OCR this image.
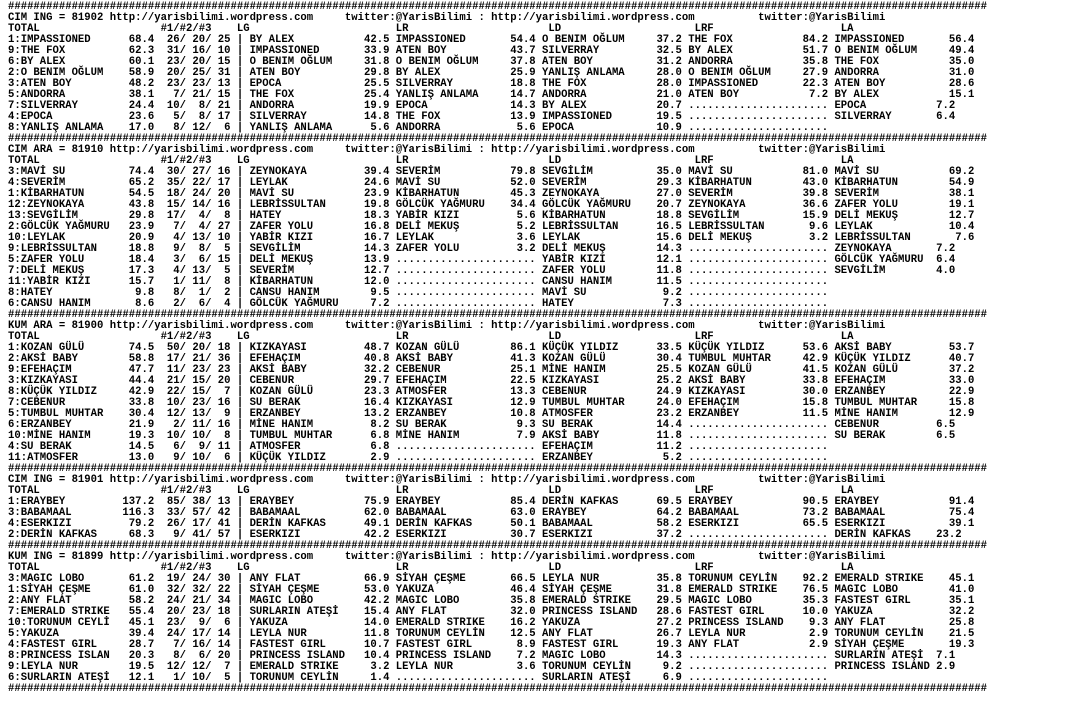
##########################################################################################################################################################
CIM ING = 81902 http://yarisbilimi.wordpress.com     twitter:@YarisBilimi : http://yarisbilimi.wordpress.com          twitter:@YarisBilimi
TOTAL                   #1/#2/#3    LG                       LR                      LD                     LRF                    LA
1:IMPASSIONED      68.4  26/ 20/ 25 | BY ALEX           42.5 IMPASSIONED       54.4 O BENIM OĞLUM     37.2 THE FOX           84.2 IMPASSIONED       56.4
9:THE FOX          62.3  31/ 16/ 10 | IMPASSIONED       33.9 ATEN BOY          43.7 SILVERRAY         32.5 BY ALEX           51.7 O BENIM OĞLUM     49.4
6:BY ALEX          60.1  23/ 20/ 15 | O BENIM OĞLUM     31.8 O BENIM OĞLUM     37.8 ATEN BOY          31.2 ANDORRA           35.8 THE FOX           35.0
2:O BENIM OĞLUM    58.9  20/ 25/ 31 | ATEN BOY          29.8 BY ALEX           25.9 YANLIŞ ANLAMA     28.0 O BENIM OĞLUM     27.9 ANDORRA           31.0
3:ATEN BOY         48.2  23/ 23/ 13 | EPOCA             25.5 SILVERRAY         18.8 THE FOX           28.0 IMPASSIONED       22.3 ATEN BOY          28.6
5:ANDORRA          38.1   7/ 21/ 15 | THE FOX           25.4 YANLIŞ ANLAMA     14.7 ANDORRA           21.0 ATEN BOY           7.2 BY ALEX           15.1
7:SILVERRAY        24.4  10/  8/ 21 | ANDORRA           19.9 EPOCA             14.3 BY ALEX           20.7 ...................... EPOCA           7.2
4:EPOCA            23.6   5/  8/ 17 | SILVERRAY         14.8 THE FOX           13.9 IMPASSIONED       19.5 ...................... SILVERRAY       6.4
8:YANLIŞ ANLAMA    17.0   8/ 12/  6 | YANLIŞ ANLAMA      5.6 ANDORRA            5.6 EPOCA             10.9 ......................
##########################################################################################################################################################
CIM ARA = 81910 http://yarisbilimi.wordpress.com     twitter:@YarisBilimi : http://yarisbilimi.wordpress.com          twitter:@YarisBilimi
TOTAL                   #1/#2/#3    LG                       LR                      LD                     LRF                    LA
3:MAVİ SU          74.4  30/ 27/ 16 | ZEYNOKAYA         39.4 SEVERİM           79.8 SEVGİLİM          35.0 MAVİ SU           81.0 MAVİ SU           69.2
4:SEVERİM          65.2  35/ 22/ 17 | LEYLAK            24.6 MAVİ SU           52.0 SEVERİM           29.3 KİBARHATUN        43.0 KİBARHATUN        54.9
1:KİBARHATUN       54.5  18/ 24/ 20 | MAVİ SU           23.9 KİBARHATUN        45.3 ZEYNOKAYA         27.0 SEVERİM           39.8 SEVERİM           38.1
12:ZEYNOKAYA       43.8  15/ 14/ 16 | LEBRİSSULTAN      19.8 GÖLCÜK YAĞMURU    34.4 GÖLCÜK YAĞMURU    20.7 ZEYNOKAYA         36.6 ZAFER YOLU        19.1
13:SEVGİLİM        29.8  17/  4/  8 | HATEY             18.3 YABİR KIZI         5.6 KİBARHATUN        18.8 SEVGİLİM          15.9 DELİ MEKUŞ        12.7
2:GÖLCÜK YAĞMURU   23.9   7/  4/ 27 | ZAFER YOLU        16.8 DELİ MEKUŞ         5.2 LEBRİSSULTAN      16.5 LEBRİSSULTAN       9.6 LEYLAK            10.4
10:LEYLAK          20.9   4/ 13/ 10 | YABİR KIZI        16.7 LEYLAK             3.6 LEYLAK            15.6 DELİ MEKUŞ         3.2 LEBRİSSULTAN       7.6
9:LEBRİSSULTAN     18.8   9/  8/  5 | SEVGİLİM          14.3 ZAFER YOLU         3.2 DELİ MEKUŞ        14.3 ...................... ZEYNOKAYA       7.2
5:ZAFER YOLU       18.4   3/  6/ 15 | DELİ MEKUŞ        13.9 ...................... YABİR KIZI        12.1 ...................... GÖLCÜK YAĞMURU  6.4
7:DELİ MEKUŞ       17.3   4/ 13/  5 | SEVERİM           12.7 ...................... ZAFER YOLU        11.8 ...................... SEVGİLİM        4.0
11:YABİR KIZI      15.7   1/ 11/  8 | KİBARHATUN        12.0 ...................... CANSU HANIM       11.5 ......................
8:HATEY             9.8   8/  1/  2 | CANSU HANIM        9.5 ...................... MAVİ SU            9.2 ......................
6:CANSU HANIM       8.6   2/  6/  4 | GÖLCÜK YAĞMURU     7.2 ...................... HATEY              7.3 ......................
##########################################################################################################################################################
KUM ARA = 81900 http://yarisbilimi.wordpress.com     twitter:@YarisBilimi : http://yarisbilimi.wordpress.com          twitter:@YarisBilimi
TOTAL                   #1/#2/#3    LG                       LR                      LD                     LRF                    LA
1:KOZAN GÜLÜ       74.5  50/ 20/ 18 | KIZKAYASI         48.7 KOZAN GÜLÜ        86.1 KÜÇÜK YILDIZ      33.5 KÜÇÜK YILDIZ      53.6 AKSİ BABY         53.7
2:AKSİ BABY        58.8  17/ 21/ 36 | EFEHAÇIM          40.8 AKSİ BABY         41.3 KOZAN GÜLÜ        30.4 TUMBUL MUHTAR     42.9 KÜÇÜK YILDIZ      40.7
9:EFEHAÇIM         47.7  11/ 23/ 23 | AKSİ BABY         32.2 CEBENUR           25.1 MİNE HANIM        25.5 KOZAN GÜLÜ        41.5 KOZAN GÜLÜ        37.2
3:KIZKAYASI        44.4  21/ 15/ 20 | CEBENUR           29.7 EFEHAÇIM          22.5 KIZKAYASI         25.2 AKSİ BABY         33.8 EFEHAÇIM          33.0
8:KÜÇÜK YILDIZ     42.9  22/ 15/  7 | KOZAN GÜLÜ        23.3 ATMOSFER          13.3 CEBENUR           24.9 KIZKAYASI         30.0 ERZANBEY          22.9
7:CEBENUR          33.8  10/ 23/ 16 | SU BERAK          16.4 KIZKAYASI         12.9 TUMBUL MUHTAR     24.0 EFEHAÇIM          15.8 TUMBUL MUHTAR     15.8
5:TUMBUL MUHTAR    30.4  12/ 13/  9 | ERZANBEY          13.2 ERZANBEY          10.8 ATMOSFER          23.2 ERZANBEY          11.5 MİNE HANIM        12.9
6:ERZANBEY         21.9   2/ 11/ 16 | MİNE HANIM         8.2 SU BERAK           9.3 SU BERAK          14.4 ...................... CEBENUR         6.5
10:MİNE HANIM      19.3  10/ 10/  8 | TUMBUL MUHTAR      6.8 MİNE HANIM         7.9 AKSİ BABY         11.8 ...................... SU BERAK        6.5
4:SU BERAK         14.5   6/  9/ 11 | ATMOSFER           6.8 ...................... EFEHAÇIM          11.2 ......................
11:ATMOSFER        13.0   9/ 10/  6 | KÜÇÜK YILDIZ       2.9 ...................... ERZANBEY           5.2 ......................
##########################################################################################################################################################
CIM ING = 81901 http://yarisbilimi.wordpress.com     twitter:@YarisBilimi : http://yarisbilimi.wordpress.com          twitter:@YarisBilimi
TOTAL                   #1/#2/#3    LG                       LR                      LD                     LRF                    LA
1:ERAYBEY         137.2  85/ 38/ 13 | ERAYBEY           75.9 ERAYBEY           85.4 DERİN KAFKAS      69.5 ERAYBEY           90.5 ERAYBEY           91.4
3:BABAMAAL        116.3  33/ 57/ 42 | BABAMAAL          62.0 BABAMAAL          63.0 ERAYBEY           64.2 BABAMAAL          73.2 BABAMAAL          75.4
4:ESERKIZI         79.2  26/ 17/ 41 | DERİN KAFKAS      49.1 DERİN KAFKAS      50.1 BABAMAAL          58.2 ESERKIZI          65.5 ESERKIZI          39.1
2:DERİN KAFKAS     68.3   9/ 41/ 57 | ESERKIZI          42.2 ESERKIZI          30.7 ESERKIZI          37.2 ...................... DERİN KAFKAS    23.2
##########################################################################################################################################################
KUM ING = 81899 http://yarisbilimi.wordpress.com     twitter:@YarisBilimi : http://yarisbilimi.wordpress.com          twitter:@YarisBilimi
TOTAL                   #1/#2/#3    LG                       LR                      LD                     LRF                    LA
3:MAGIC LOBO       61.2  19/ 24/ 30 | ANY FLAT          66.9 SİYAH ÇEŞME       66.5 LEYLA NUR         35.8 TORUNUM CEYLİN    92.2 EMERALD STRIKE    45.1
1:SİYAH ÇEŞME      61.0  32/ 32/ 22 | SİYAH ÇEŞME       53.0 YAKUZA            46.4 SİYAH ÇEŞME       31.8 EMERALD STRIKE    76.5 MAGIC LOBO        41.0
2:ANY FLAT         58.2  24/ 21/ 34 | MAGIC LOBO        42.2 MAGIC LOBO        35.8 EMERALD STRIKE    29.5 MAGIC LOBO        35.3 FASTEST GIRL      35.1
7:EMERALD STRIKE   55.4  20/ 23/ 18 | SURLARIN ATEŞİ    15.4 ANY FLAT          32.0 PRINCESS ISLAND   28.6 FASTEST GIRL      10.0 YAKUZA            32.2
10:TORUNUM CEYLİ   45.1  23/  9/  6 | YAKUZA            14.0 EMERALD STRIKE    16.2 YAKUZA            27.2 PRINCESS ISLAND    9.3 ANY FLAT          25.8
5:YAKUZA           39.4  24/ 17/ 14 | LEYLA NUR         11.8 TORUNUM CEYLİN    12.5 ANY FLAT          26.7 LEYLA NUR          2.9 TORUNUM CEYLİN    21.5
4:FASTEST GIRL     28.7   7/ 16/ 14 | FASTEST GIRL      10.7 FASTEST GIRL       8.9 FASTEST GIRL      19.3 ANY FLAT           2.9 SİYAH ÇEŞME       19.3
8:PRINCESS ISLAN   20.3   8/  6/ 20 | PRINCESS ISLAND   10.4 PRINCESS ISLAND    7.2 MAGIC LOBO        14.3 ...................... SURLARIN ATEŞİ  7.1
9:LEYLA NUR        19.5  12/ 12/  7 | EMERALD STRIKE     3.2 LEYLA NUR          3.6 TORUNUM CEYLİN     9.2 ...................... PRINCESS ISLAND 2.9
6:SURLARIN ATEŞİ   12.1   1/ 10/  5 | TORUNUM CEYLİN     1.4 ...................... SURLARIN ATEŞİ     6.9 ......................
##########################################################################################################################################################
